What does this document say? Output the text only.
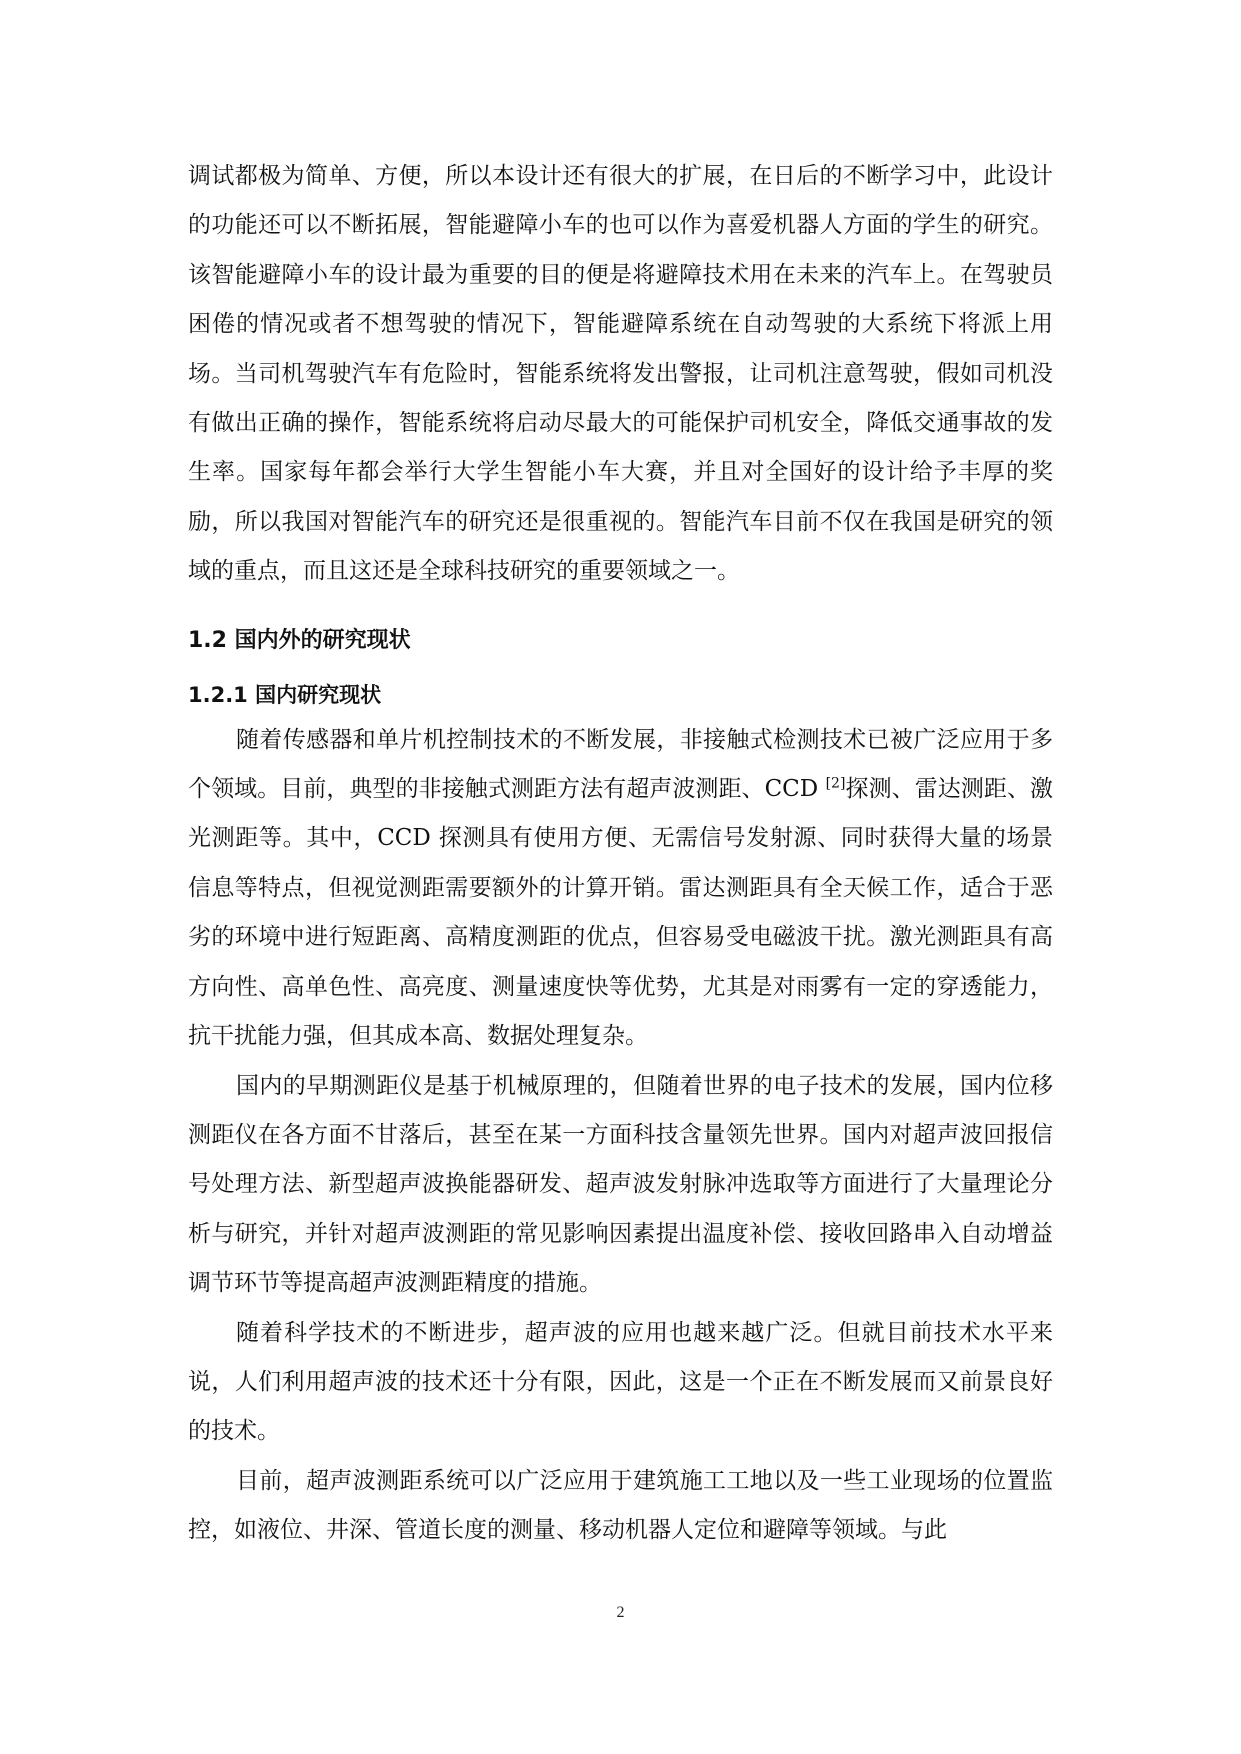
调试都极为简单、方便，所以本设计还有很大的扩展，在日后的不断学习中，此设计的功能还可以不断拓展，智能避障小车的也可以作为喜爱机器人方面的学生的研究。该智能避障小车的设计最为重要的目的便是将避障技术用在未来的汽车上。在驾驶员困倦的情况或者不想驾驶的情况下，智能避障系统在自动驾驶的大系统下将派上用场。当司机驾驶汽车有危险时，智能系统将发出警报，让司机注意驾驶，假如司机没有做出正确的操作，智能系统将启动尽最大的可能保护司机安全，降低交通事故的发生率。国家每年都会举行大学生智能小车大赛，并且对全国好的设计给予丰厚的奖励，所以我国对智能汽车的研究还是很重视的。智能汽车目前不仅在我国是研究的领域的重点，而且这还是全球科技研究的重要领域之一。

1.2 国内外的研究现状
1.2.1 国内研究现状

随着传感器和单片机控制技术的不断发展，非接触式检测技术已被广泛应用于多个领域。目前，典型的非接触式测距方法有超声波测距、CCD [2]探测、雷达测距、激光测距等。其中，CCD 探测具有使用方便、无需信号发射源、同时获得大量的场景信息等特点，但视觉测距需要额外的计算开销。雷达测距具有全天候工作，适合于恶劣的环境中进行短距离、高精度测距的优点，但容易受电磁波干扰。激光测距具有高方向性、高单色性、高亮度、测量速度快等优势，尤其是对雨雾有一定的穿透能力，抗干扰能力强，但其成本高、数据处理复杂。

国内的早期测距仪是基于机械原理的，但随着世界的电子技术的发展，国内位移测距仪在各方面不甘落后，甚至在某一方面科技含量领先世界。国内对超声波回报信号处理方法、新型超声波换能器研发、超声波发射脉冲选取等方面进行了大量理论分析与研究，并针对超声波测距的常见影响因素提出温度补偿、接收回路串入自动增益调节环节等提高超声波测距精度的措施。

随着科学技术的不断进步，超声波的应用也越来越广泛。但就目前技术水平来说，人们利用超声波的技术还十分有限，因此，这是一个正在不断发展而又前景良好的技术。

目前，超声波测距系统可以广泛应用于建筑施工工地以及一些工业现场的位置监控，如液位、井深、管道长度的测量、移动机器人定位和避障等领域。与此

2
